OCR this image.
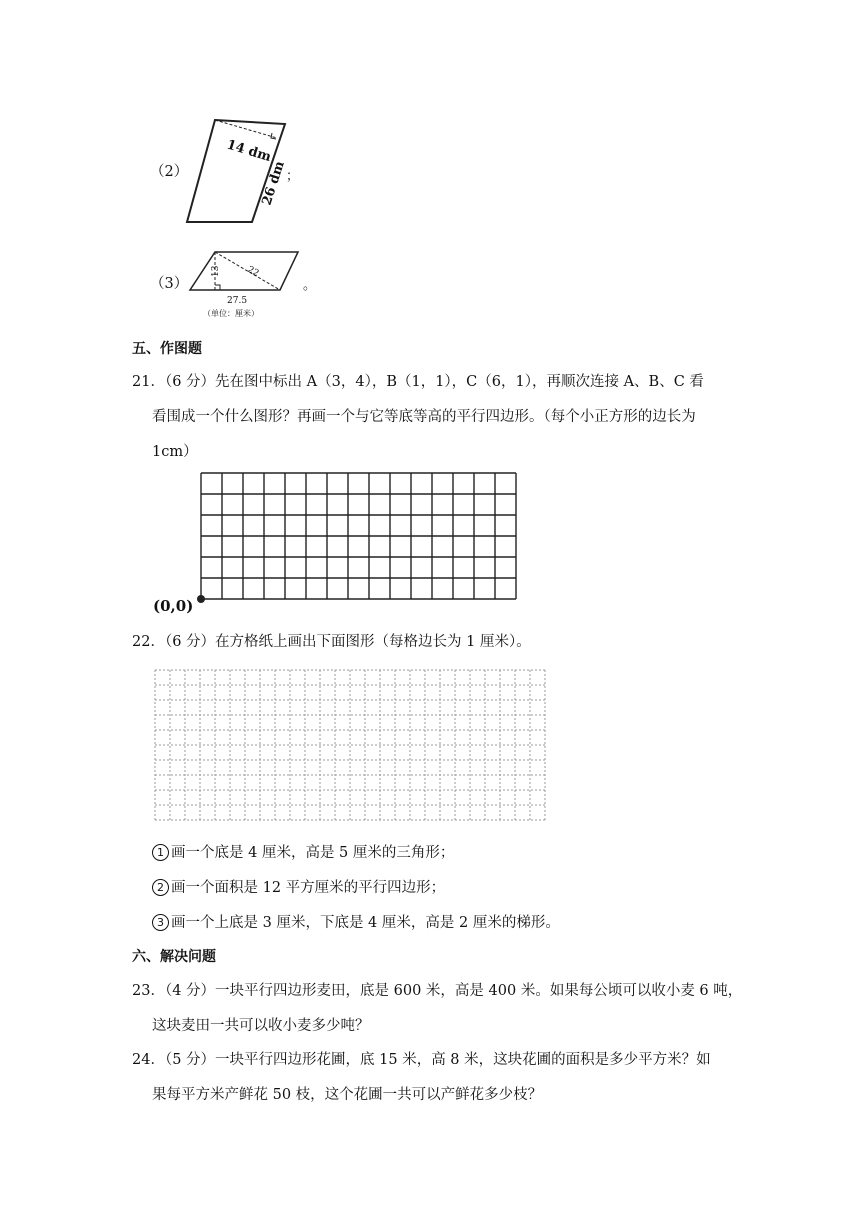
（2）
14 dm
26 dm
；
（3）
13	22
27.5
（单位：厘米）
。
五、作图题
21．（6 分）先在图中标出 A（3，4），B（1，1），C（6，1），再顺次连接 A、B、C 看
看围成一个什么图形？再画一个与它等底等高的平行四边形。（每个小正方形的边长为
1cm）
(0,0)
22．（6 分）在方格纸上画出下面图形（每格边长为 1 厘米）。
1 画一个底是 4 厘米，高是 5 厘米的三角形；
2 画一个面积是 12 平方厘米的平行四边形；
3 画一个上底是 3 厘米，下底是 4 厘米，高是 2 厘米的梯形。
六、解决问题
23．（4 分）一块平行四边形麦田，底是 600 米，高是 400 米。如果每公顷可以收小麦 6 吨，
这块麦田一共可以收小麦多少吨？
24．（5 分）一块平行四边形花圃，底 15 米，高 8 米，这块花圃的面积是多少平方米？如
果每平方米产鲜花 50 枝，这个花圃一共可以产鲜花多少枝？
